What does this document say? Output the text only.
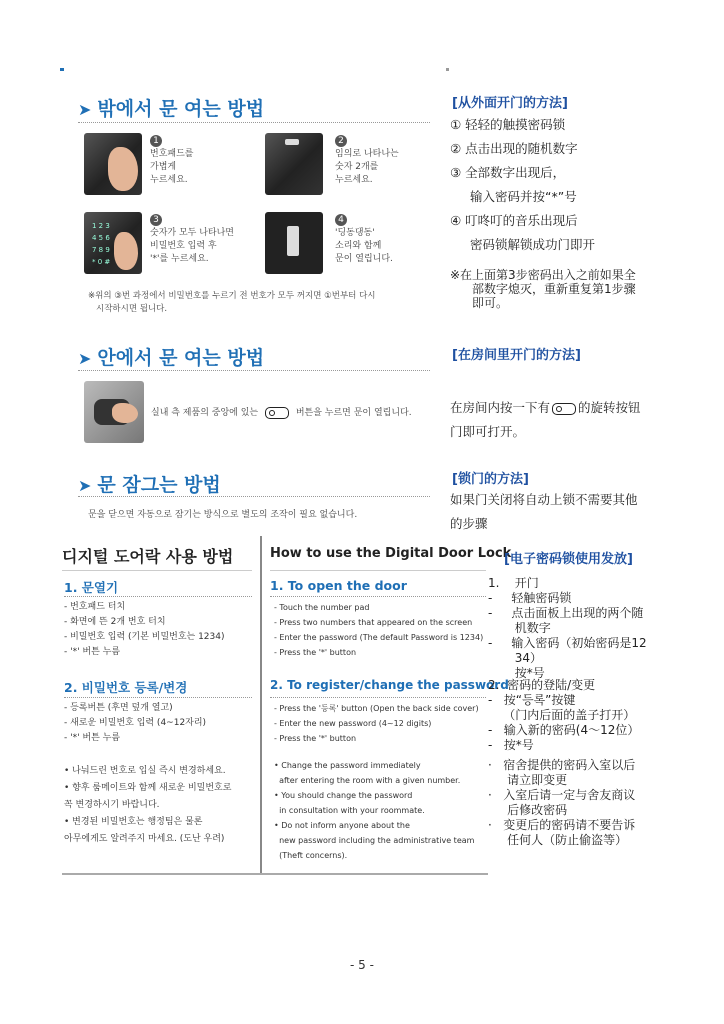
➤ 밖에서 문 여는 방법
1
번호패드를
가볍게
누르세요.
2
임의로 나타나는
숫자 2개를
누르세요.
1 2 3
4 5 6
7 8 9
* 0 #
3
숫자가 모두 나타나면
비밀번호 입력 후
'*'를 누르세요.
4
'딩동댕동'
소리와 함께
문이 열립니다.
※위의 ③번 과정에서 비밀번호를 누르기 전 번호가 모두 꺼지면 ①번부터 다시
시작하시면 됩니다.
➤ 안에서 문 여는 방법
실내 측 제품의 중앙에 있는	버튼을 누르면 문이 열립니다.
➤ 문 잠그는 방법
문을 닫으면 자동으로 잠기는 방식으로 별도의 조작이 필요 없습니다.
[从外面开门的方法]
① 轻轻的触摸密码锁
② 点击出现的随机数字
③ 全部数字出现后，
输入密码并按“*”号
④ 叮咚叮的音乐出现后
密码锁解锁成功门即开
※在上面第3步密码出入之前如果全
部数字熄灭，重新重复第1步骤
即可。
[在房间里开门的方法]
在房间内按一下有 的旋转按钮
门即可打开。
[锁门的方法]
如果门关闭将自动上锁不需要其他
的步骤
디지털 도어락 사용 방법
1. 문열기
- 번호패드 터치
- 화면에 뜬 2개 번호 터치
- 비밀번호 입력 (기본 비밀번호는 1234)
- '*' 버튼 누름
2. 비밀번호 등록/변경
- 등록버튼 (후면 덮개 열고)
- 새로운 비밀번호 입력 (4~12자리)
- '*' 버튼 누름
• 나눠드린 번호로 입실 즉시 변경하세요.
• 향후 룸메이트와 함께 새로운 비밀번호로
꼭 변경하시기 바랍니다.
• 변경된 비밀번호는 행정팀은 물론
아무에게도 알려주지 마세요. (도난 우려)
How to use the Digital Door Lock
1. To open the door
- Touch the number pad
- Press two numbers that appeared on the screen
- Enter the password (The default Password is 1234)
- Press the '*' button
2. To register/change the password
- Press the '등록' button (Open the back side cover)
- Enter the new password (4~12 digits)
- Press the '*' button
• Change the password immediately
after entering the room with a given number.
• You should change the password
in consultation with your roommate.
• Do not inform anyone about the
new password including the administrative team
(Theft concerns).
[电子密码锁使用发放]
1.    开门
-     轻触密码锁
-     点击面板上出现的两个随
机数字
-     输入密码（初始密码是12
34）
按*号
2.  密码的登陆/变更
-   按“등록”按键
（门内后面的盖子打开）
-   输入新的密码(4～12位）
-   按*号
·   宿舍提供的密码入室以后
请立即变更
·   入室后请一定与舍友商议
后修改密码
·   变更后的密码请不要告诉
任何人（防止偷盗等）
- 5 -
